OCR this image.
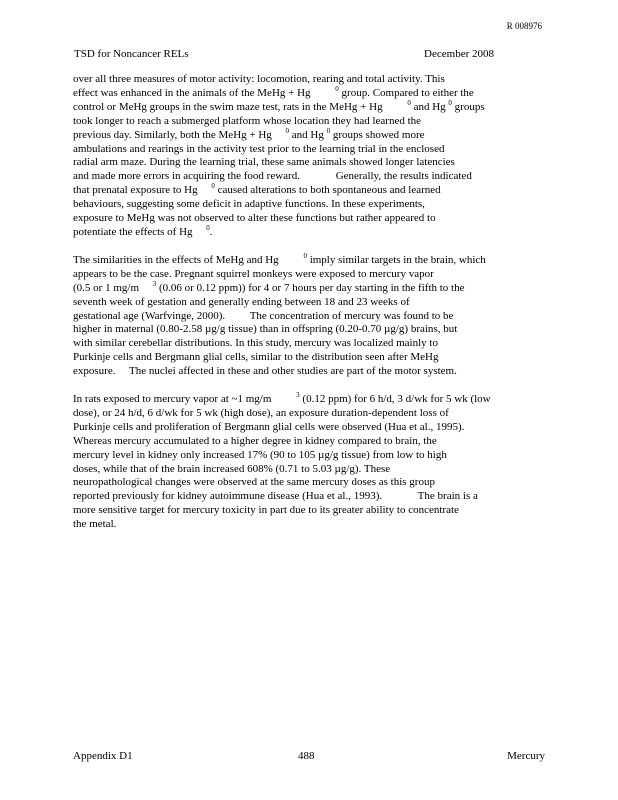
R 008976
TSD for Noncancer RELs	December 2008
over all three measures of motor activity: locomotion, rearing and total activity. This
effect was enhanced in the animals of the MeHg + Hg   $^0$ group. Compared to either the
control or MeHg groups in the swim maze test, rats in the MeHg + Hg   $^0$ and Hg $^0$ groups
took longer to reach a submerged platform whose location they had learned the
previous day. Similarly, both the MeHg + Hg  $^0$ and Hg $^0$ groups showed more
ambulations and rearings in the activity test prior to the learning trial in the enclosed
radial arm maze. During the learning trial, these same animals showed longer latencies
and made more errors in acquiring the food reward.    Generally, the results indicated
that prenatal exposure to Hg  $^0$ caused alterations to both spontaneous and learned
behaviours, suggesting some deficit in adaptive functions. In these experiments,
exposure to MeHg was not observed to alter these functions but rather appeared to
potentiate the effects of Hg  $^0$.
The similarities in the effects of MeHg and Hg   $^0$ imply similar targets in the brain, which
appears to be the case. Pregnant squirrel monkeys were exposed to mercury vapor
(0.5 or 1 mg/m  $^3$ (0.06 or 0.12 ppm)) for 4 or 7 hours per day starting in the fifth to the
seventh week of gestation and generally ending between 18 and 23 weeks of
gestational age (Warfvinge, 2000).   The concentration of mercury was found to be
higher in maternal (0.80-2.58 µg/g tissue) than in offspring (0.20-0.70 µg/g) brains, but
with similar cerebellar distributions. In this study, mercury was localized mainly to
Purkinje cells and Bergmann glial cells, similar to the distribution seen after MeHg
exposure.  The nuclei affected in these and other studies are part of the motor system.
In rats exposed to mercury vapor at ~1 mg/m   $^3$ (0.12 ppm) for 6 h/d, 3 d/wk for 5 wk (low
dose), or 24 h/d, 6 d/wk for 5 wk (high dose), an exposure duration-dependent loss of
Purkinje cells and proliferation of Bergmann glial cells were observed (Hua et al., 1995).
Whereas mercury accumulated to a higher degree in kidney compared to brain, the
mercury level in kidney only increased 17% (90 to 105 µg/g tissue) from low to high
doses, while that of the brain increased 608% (0.71 to 5.03 µg/g). These
neuropathological changes were observed at the same mercury doses as this group
reported previously for kidney autoimmune disease (Hua et al., 1993).    The brain is a
more sensitive target for mercury toxicity in part due to its greater ability to concentrate
the metal.
Appendix D1	488	Mercury
